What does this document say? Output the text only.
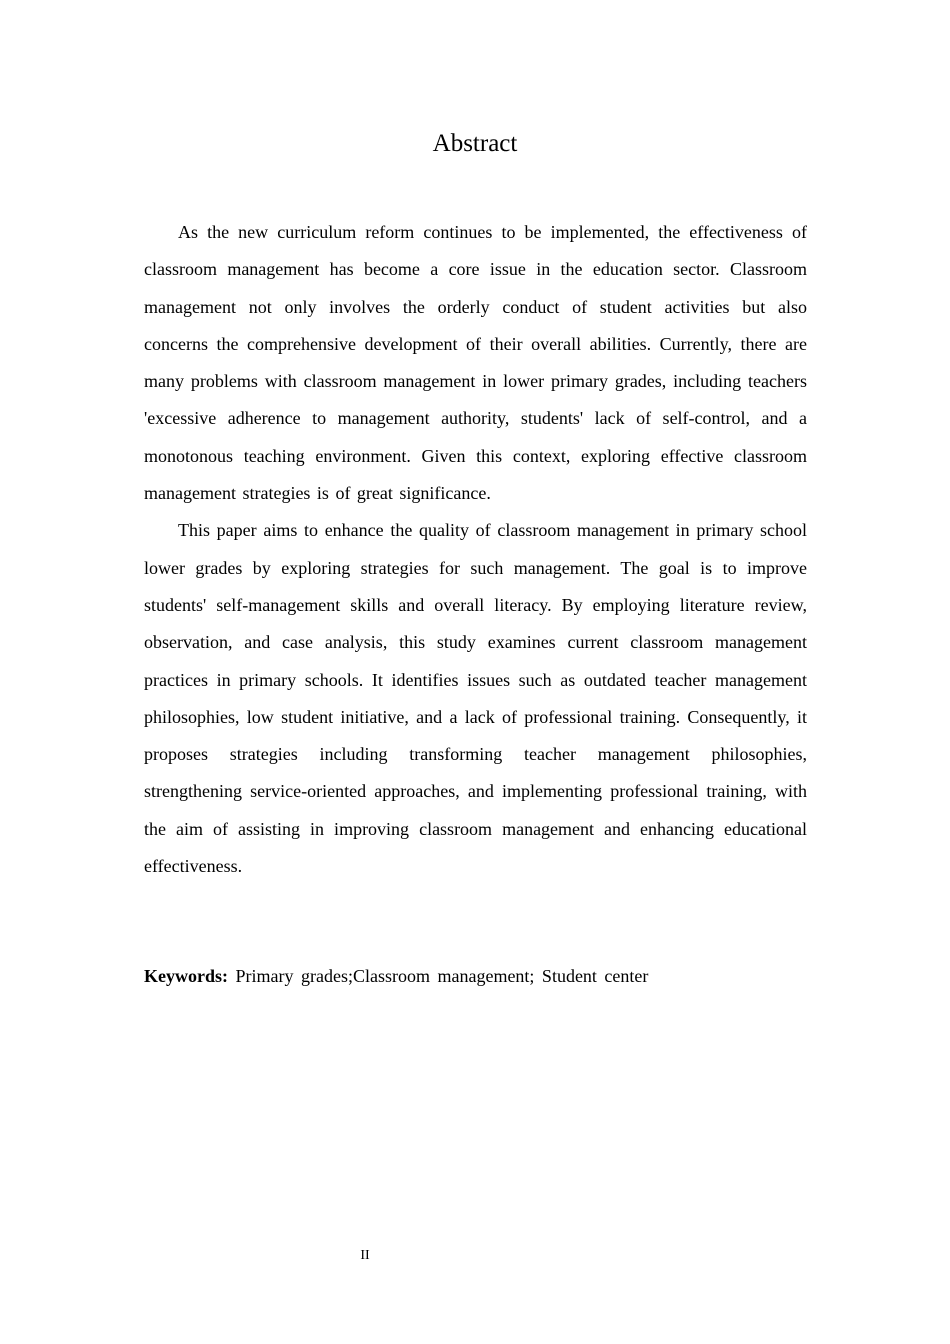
Abstract

As the new curriculum reform continues to be implemented, the effectiveness of classroom management has become a core issue in the education sector. Classroom management not only involves the orderly conduct of student activities but also concerns the comprehensive development of their overall abilities. Currently, there are many problems with classroom management in lower primary grades, including teachers 'excessive adherence to management authority, students' lack of self-control, and a monotonous teaching environment. Given this context, exploring effective classroom management strategies is of great significance.

This paper aims to enhance the quality of classroom management in primary school lower grades by exploring strategies for such management. The goal is to improve students' self-management skills and overall literacy. By employing literature review, observation, and case analysis, this study examines current classroom management practices in primary schools. It identifies issues such as outdated teacher management philosophies, low student initiative, and a lack of professional training. Consequently, it proposes strategies including transforming teacher management philosophies, strengthening service-oriented approaches, and implementing professional training, with the aim of assisting in improving classroom management and enhancing educational effectiveness.

Keywords: Primary grades;Classroom management; Student center

II
